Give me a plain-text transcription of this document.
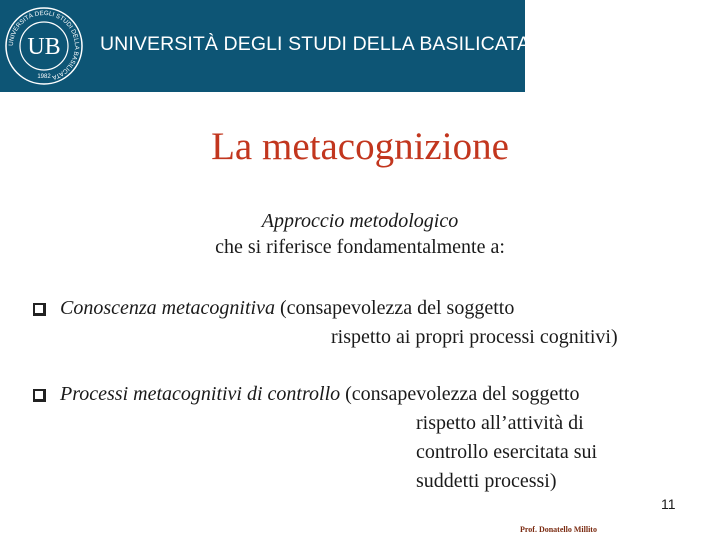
UNIVERSITÀ DEGLI STUDI DELLA BASILICATA
UB
1982
UNIVERSITÀ DEGLI STUDI DELLA BASILICATA
La metacognizione
Approccio metodologico
che si riferisce fondamentalmente a:
Conoscenza metacognitiva (consapevolezza del soggetto
rispetto ai propri processi cognitivi)
Processi metacognitivi di controllo (consapevolezza del soggetto
rispetto all’attività di
controllo esercitata sui
suddetti processi)
11
Prof. Donatello Millito
